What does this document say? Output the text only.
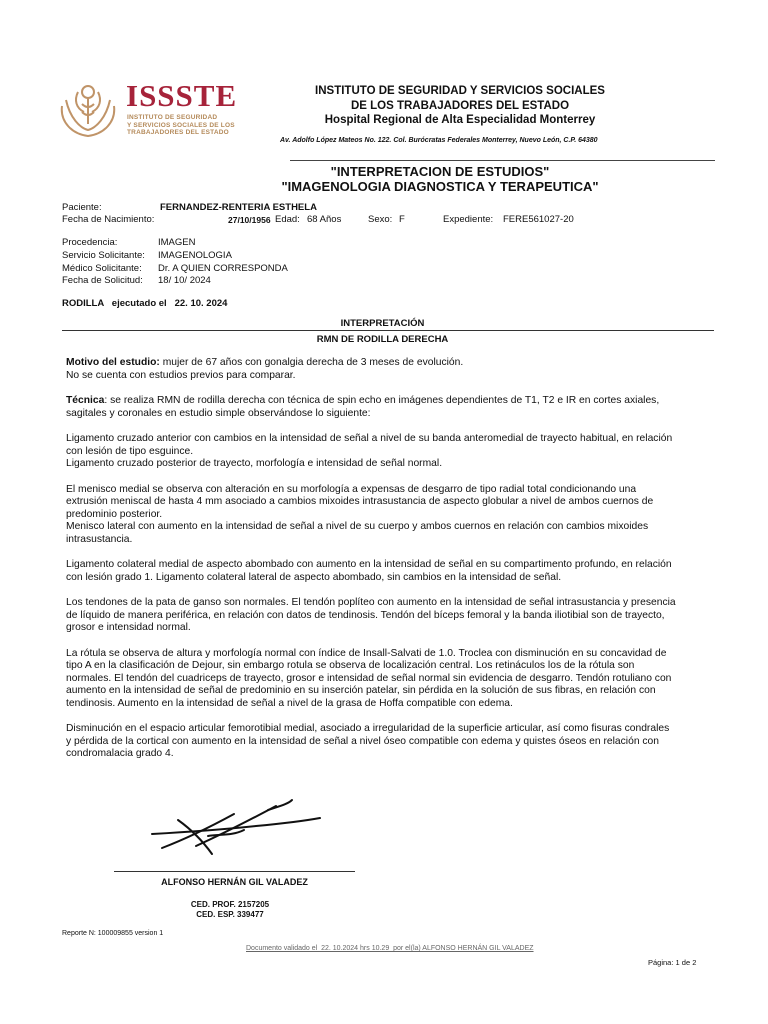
ISSSTE
INSTITUTO DE SEGURIDAD
Y SERVICIOS SOCIALES DE LOS
TRABAJADORES DEL ESTADO
INSTITUTO DE SEGURIDAD Y SERVICIOS SOCIALES
DE LOS TRABAJADORES DEL ESTADO
Hospital Regional de Alta Especialidad Monterrey
Av. Adolfo López Mateos No. 122. Col. Burócratas Federales Monterrey, Nuevo León, C.P. 64380
"INTERPRETACION DE ESTUDIOS"
"IMAGENOLOGIA DIAGNOSTICA Y TERAPEUTICA"
Paciente:	FERNANDEZ-RENTERIA ESTHELA
Fecha de Nacimiento:	27/10/1956 Edad: 68 Años	Sexo: F	Expediente: FERE561027-20
Procedencia:	IMAGEN
Servicio Solicitante: IMAGENOLOGIA
Médico Solicitante: Dr. A QUIEN CORRESPONDA
Fecha de Solicitud: 18/ 10/ 2024
RODILLA   ejecutado el   22. 10. 2024
INTERPRETACIÓN
RMN DE RODILLA DERECHA

Motivo del estudio: mujer de 67 años con gonalgia derecha de 3 meses de evolución.
No se cuenta con estudios previos para comparar.

Técnica: se realiza RMN de rodilla derecha con técnica de spin echo en imágenes dependientes de T1, T2 e IR en cortes axiales,
sagitales y coronales en estudio simple observándose lo siguiente:

Ligamento cruzado anterior con cambios en la intensidad de señal a nivel de su banda anteromedial de trayecto habitual, en relación
con lesión de tipo esguince.
Ligamento cruzado posterior de trayecto, morfología e intensidad de señal normal.

El menisco medial se observa con alteración en su morfología a expensas de desgarro de tipo radial total condicionando una
extrusión meniscal de hasta 4 mm asociado a cambios mixoides intrasustancia de aspecto globular a nivel de ambos cuernos de
predominio posterior.
Menisco lateral con aumento en la intensidad de señal a nivel de su cuerpo y ambos cuernos en relación con cambios mixoides
intrasustancia.

Ligamento colateral medial de aspecto abombado con aumento en la intensidad de señal en su compartimento profundo, en relación
con lesión grado 1. Ligamento colateral lateral de aspecto abombado, sin cambios en la intensidad de señal.

Los tendones de la pata de ganso son normales. El tendón poplíteo con aumento en la intensidad de señal intrasustancia y presencia
de líquido de manera periférica, en relación con datos de tendinosis. Tendón del bíceps femoral y la banda iliotibial son de trayecto,
grosor e intensidad normal.

La rótula se observa de altura y morfología normal con índice de Insall-Salvati de 1.0. Troclea con disminución en su concavidad de
tipo A en la clasificación de Dejour, sin embargo rotula se observa de localización central. Los retináculos los de la rótula son
normales. El tendón del cuadriceps de trayecto, grosor e intensidad de señal normal sin evidencia de desgarro. Tendón rotuliano con
aumento en la intensidad de señal de predominio en su inserción patelar, sin pérdida en la solución de sus fibras, en relación con
tendinosis. Aumento en la intensidad de señal a nivel de la grasa de Hoffa compatible con edema.

Disminución en el espacio articular femorotibial medial, asociado a irregularidad de la superficie articular, así como fisuras condrales
y pérdida de la cortical con aumento en la intensidad de señal a nivel óseo compatible con edema y quistes óseos en relación con
condromalacia grado 4.

ALFONSO HERNÁN GIL VALADEZ
CED. PROF. 2157205
CED. ESP. 339477
Reporte N: 100009855 version 1
Documento validado el  22. 10.2024 hrs 10.29  por el(la) ALFONSO HERNÁN GIL VALADEZ
Página: 1 de 2
